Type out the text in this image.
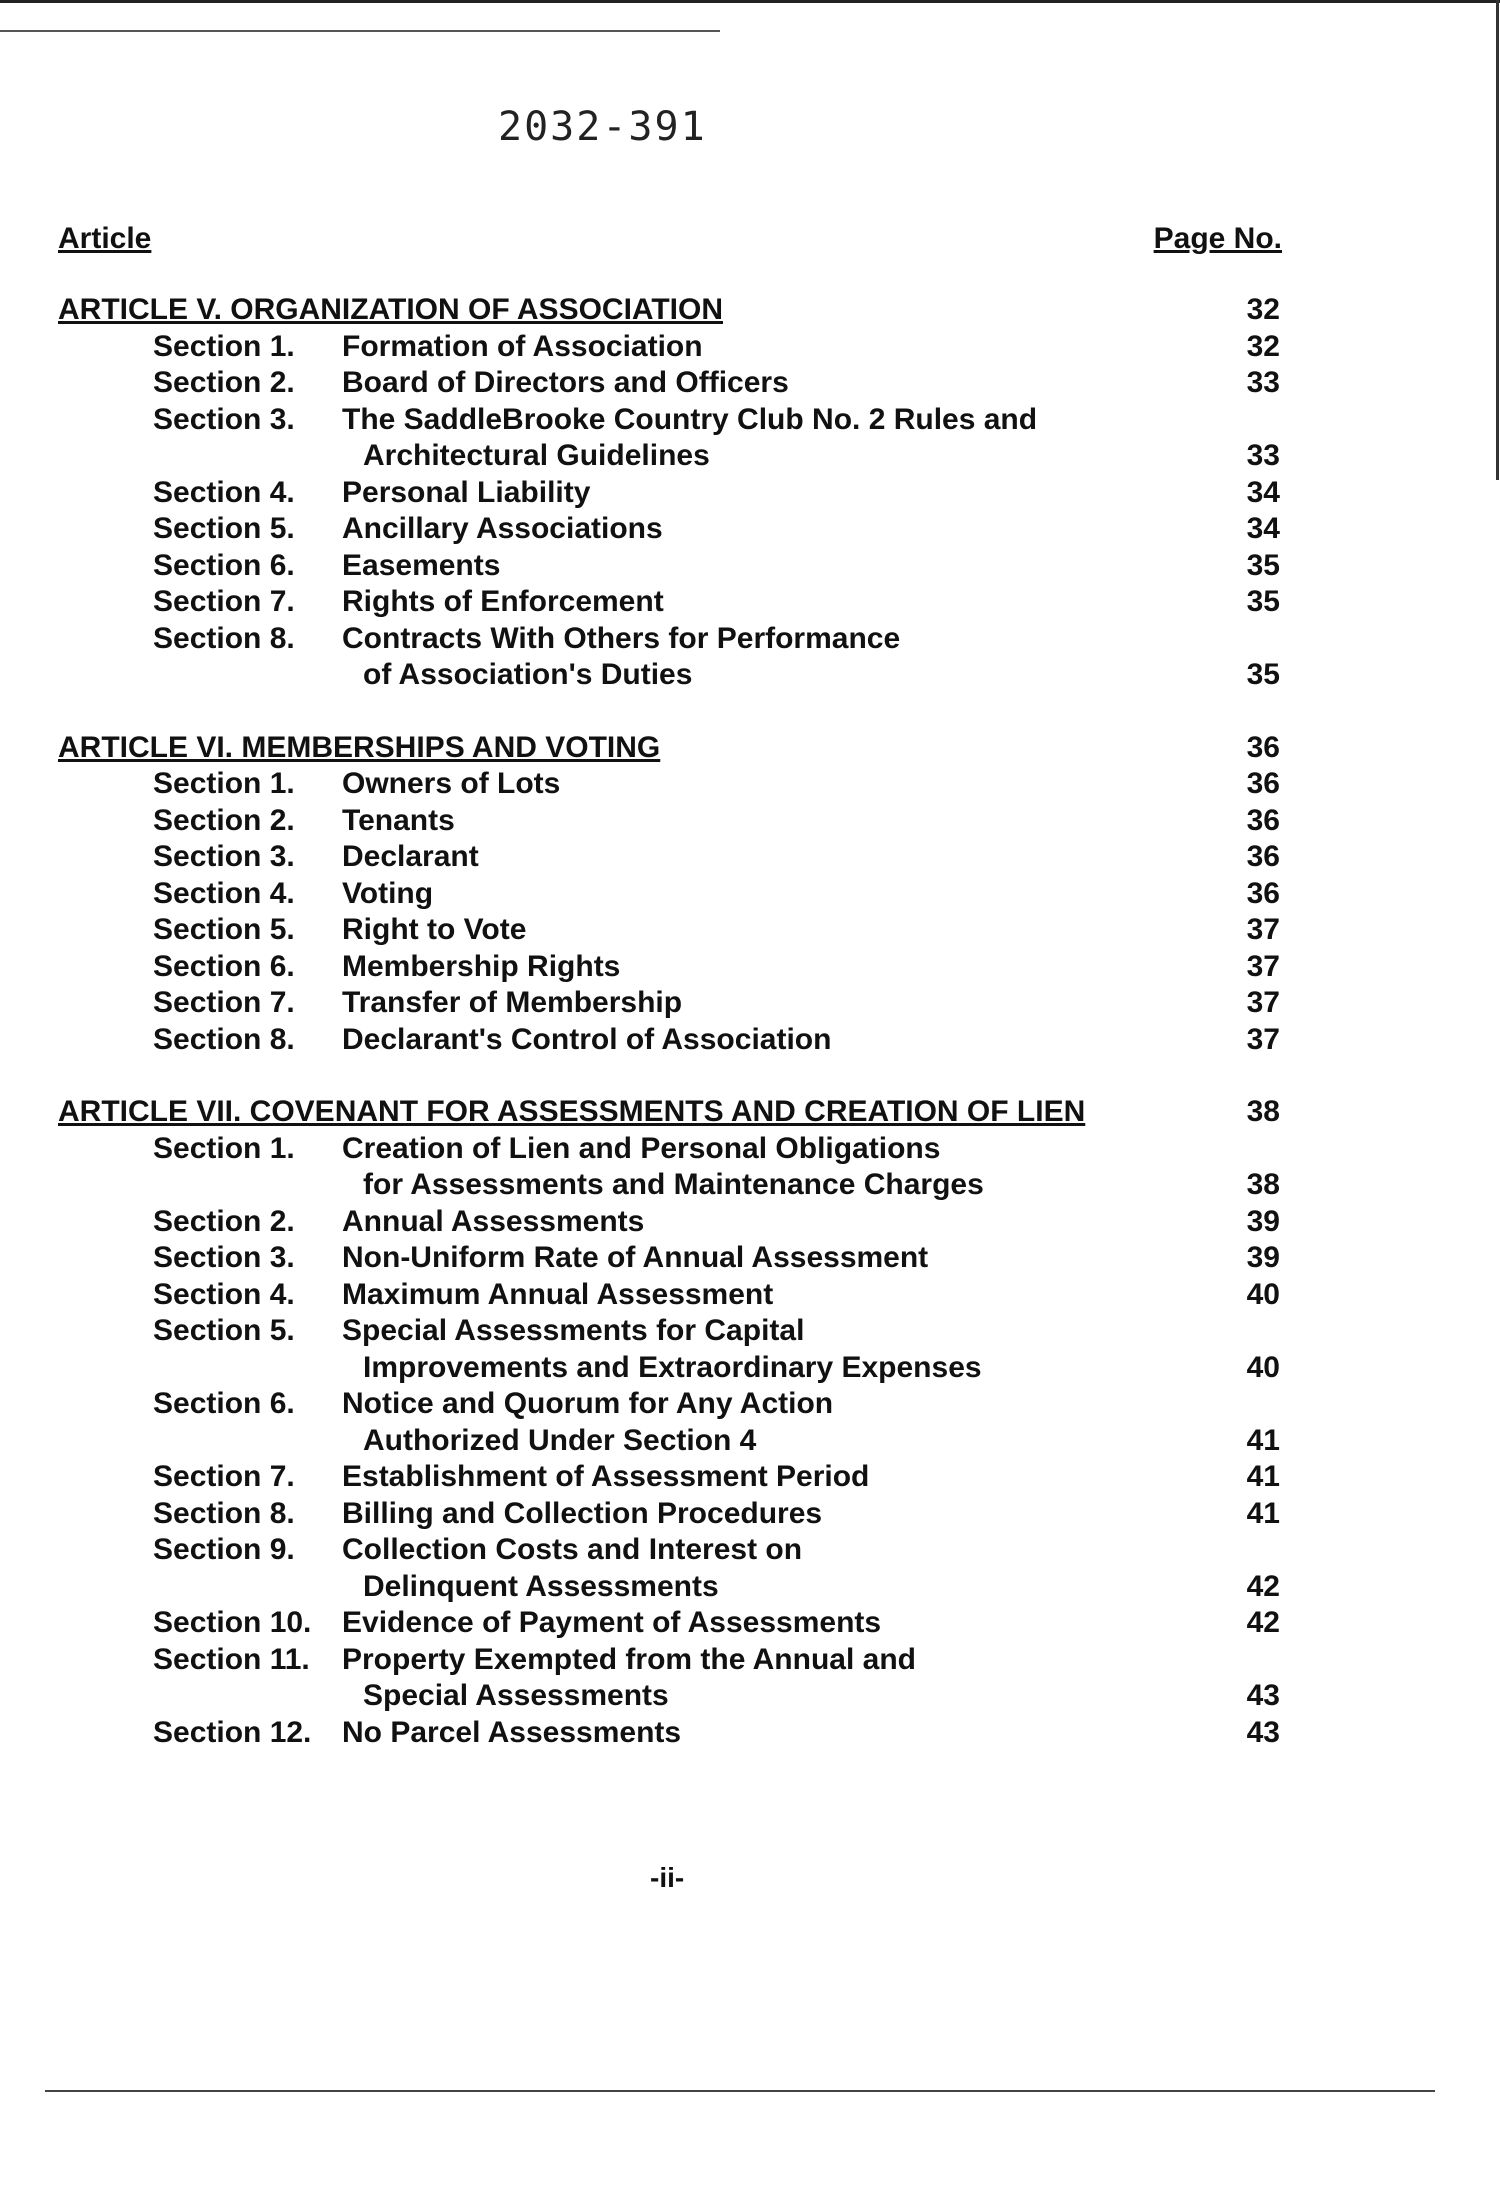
2032-391
Article	Page No.
ARTICLE V. ORGANIZATION OF ASSOCIATION	32
Section 1. Formation of Association	32
Section 2. Board of Directors and Officers	33
Section 3. The SaddleBrooke Country Club No. 2 Rules and
Architectural Guidelines	33
Section 4. Personal Liability	34
Section 5. Ancillary Associations	34
Section 6. Easements	35
Section 7. Rights of Enforcement	35
Section 8. Contracts With Others for Performance
of Association's Duties	35
ARTICLE VI. MEMBERSHIPS AND VOTING	36
Section 1. Owners of Lots	36
Section 2. Tenants	36
Section 3. Declarant	36
Section 4. Voting	36
Section 5. Right to Vote	37
Section 6. Membership Rights	37
Section 7. Transfer of Membership	37
Section 8. Declarant's Control of Association	37
ARTICLE VII. COVENANT FOR ASSESSMENTS AND CREATION OF LIEN	38
Section 1. Creation of Lien and Personal Obligations
for Assessments and Maintenance Charges	38
Section 2. Annual Assessments	39
Section 3. Non-Uniform Rate of Annual Assessment	39
Section 4. Maximum Annual Assessment	40
Section 5. Special Assessments for Capital
Improvements and Extraordinary Expenses	40
Section 6. Notice and Quorum for Any Action
Authorized Under Section 4	41
Section 7. Establishment of Assessment Period	41
Section 8. Billing and Collection Procedures	41
Section 9. Collection Costs and Interest on
Delinquent Assessments	42
Section 10. Evidence of Payment of Assessments	42
Section 11. Property Exempted from the Annual and
Special Assessments	43
Section 12. No Parcel Assessments	43
-ii-
